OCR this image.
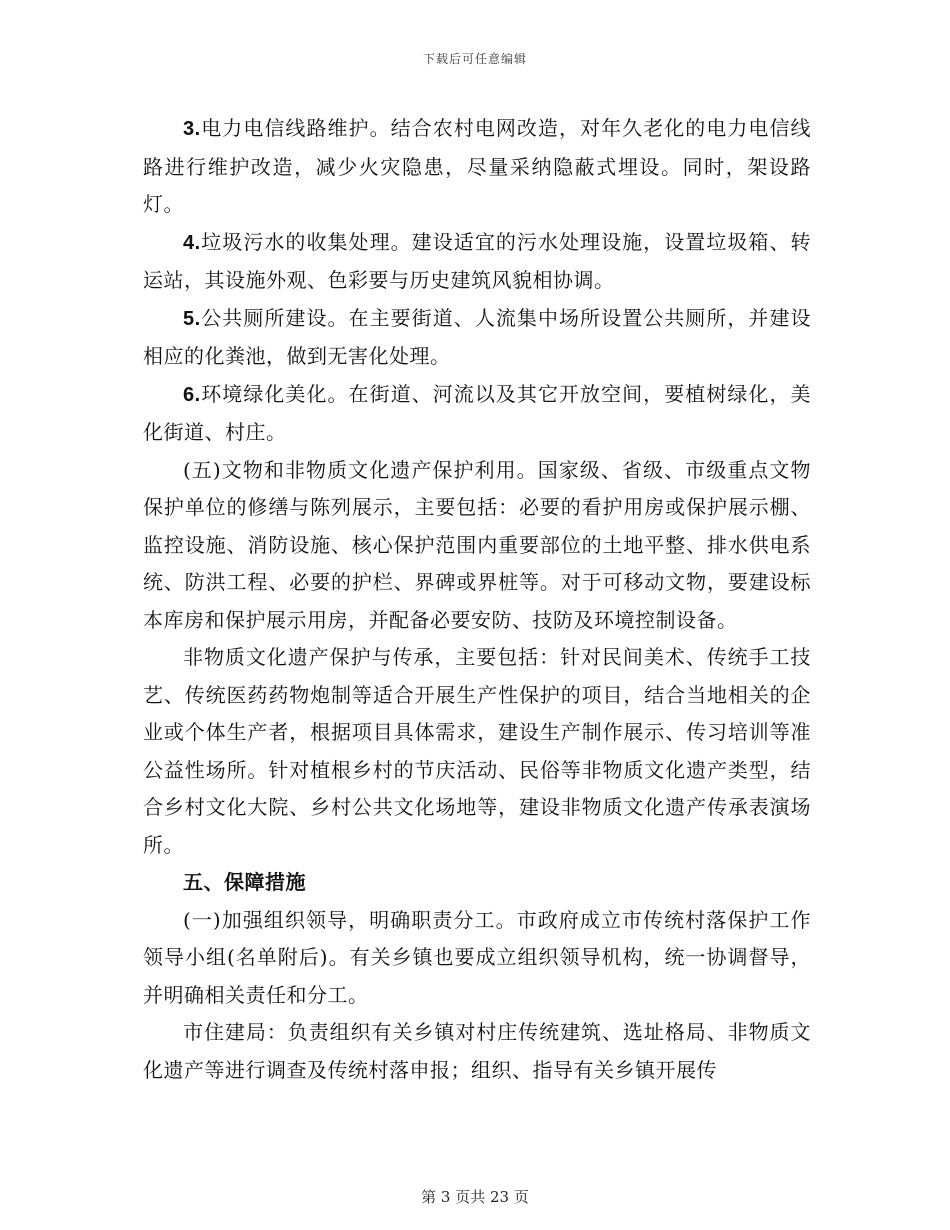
下载后可任意编辑

3.电力电信线路维护。结合农村电网改造，对年久老化的电力电信线路进行维护改造，减少火灾隐患，尽量采纳隐蔽式埋设。同时，架设路灯。

4.垃圾污水的收集处理。建设适宜的污水处理设施，设置垃圾箱、转运站，其设施外观、色彩要与历史建筑风貌相协调。

5.公共厕所建设。在主要街道、人流集中场所设置公共厕所，并建设相应的化粪池，做到无害化处理。

6.环境绿化美化。在街道、河流以及其它开放空间，要植树绿化，美化街道、村庄。

(五)文物和非物质文化遗产保护利用。国家级、省级、市级重点文物保护单位的修缮与陈列展示，主要包括：必要的看护用房或保护展示棚、监控设施、消防设施、核心保护范围内重要部位的土地平整、排水供电系统、防洪工程、必要的护栏、界碑或界桩等。对于可移动文物，要建设标本库房和保护展示用房，并配备必要安防、技防及环境控制设备。

非物质文化遗产保护与传承，主要包括：针对民间美术、传统手工技艺、传统医药药物炮制等适合开展生产性保护的项目，结合当地相关的企业或个体生产者，根据项目具体需求，建设生产制作展示、传习培训等准公益性场所。针对植根乡村的节庆活动、民俗等非物质文化遗产类型，结合乡村文化大院、乡村公共文化场地等，建设非物质文化遗产传承表演场所。

五、保障措施

(一)加强组织领导，明确职责分工。市政府成立市传统村落保护工作领导小组(名单附后)。有关乡镇也要成立组织领导机构，统一协调督导，并明确相关责任和分工。

市住建局：负责组织有关乡镇对村庄传统建筑、选址格局、非物质文化遗产等进行调查及传统村落申报；组织、指导有关乡镇开展传

第 3 页共 23 页
